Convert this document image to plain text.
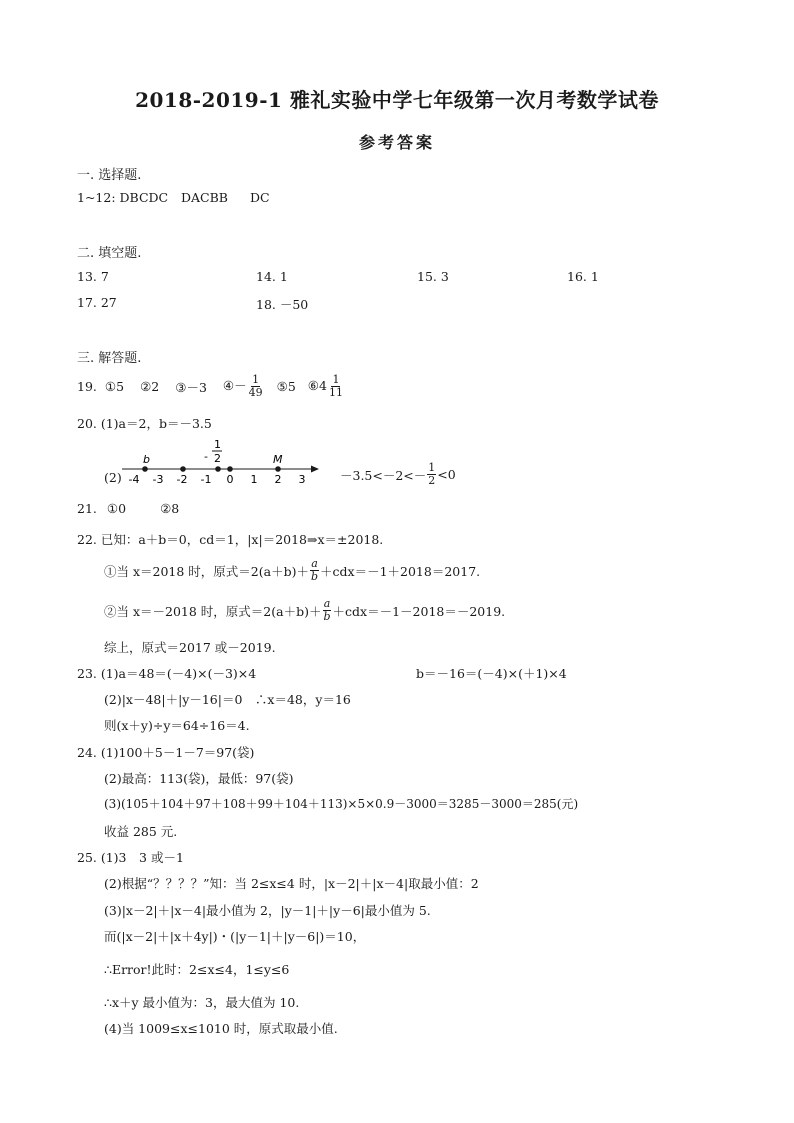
2018-2019-1 雅礼实验中学七年级第一次月考数学试卷
参考答案
一. 选择题.
1~12: DBCDC DACBB DC
二. 填空题.
13. 7	14. 1	15. 3	16. 1
17. 27	18. －50
三. 解答题.
19. ①5 ②2 ③－3 ④－ $\frac{1}{49}$ ⑤5 ⑥4 $\frac{1}{11}$
20. (1)a＝2，b＝－3.5
(2) -4 -3 -2 -1 0 1 2 3
b	M
-
1
2
$-3.5<-2<- \frac{1}{2} <0$
21. ①0	②8
22. 已知：a＋b＝0，cd＝1，|x|＝2018⇒x＝±2018.
①当 x＝2018 时，原式$=2(a+b)+ \frac{a}{b} +cdx=-1+2018=2017$.
②当 x＝－2018 时，原式$=2(a+b)+ \frac{a}{b} +cdx=-1-2018=-2019$.
综上，原式＝2017 或－2019.
23. (1)a＝48＝(－4)×(－3)×4	b＝－16＝(－4)×(＋1)×4
(2)|x－48|＋|y－16|＝0　∴x＝48，y＝16
则(x＋y)÷y＝64÷16＝4.
24. (1)100＋5－1－7＝97(袋)
(2)最高：113(袋)，最低：97(袋)
(3)(105＋104＋97＋108＋99＋104＋113)×5×0.9－3000＝3285－3000＝285(元)
收益 285 元.
25. (1)3　3 或－1
(2)根据“？？？？”知：当 2≤x≤4 时，|x－2|＋|x－4|取最小值：2
(3)|x－2|＋|x－4|最小值为 2，|y－1|＋|y－6|最小值为 5.
而(|x－2|＋|x＋4y|)・(|y－1|＋|y－6|)＝10，
∴Error!此时：2≤x≤4，1≤y≤6
∴x＋y 最小值为：3，最大值为 10.
(4)当 1009≤x≤1010 时，原式取最小值.
